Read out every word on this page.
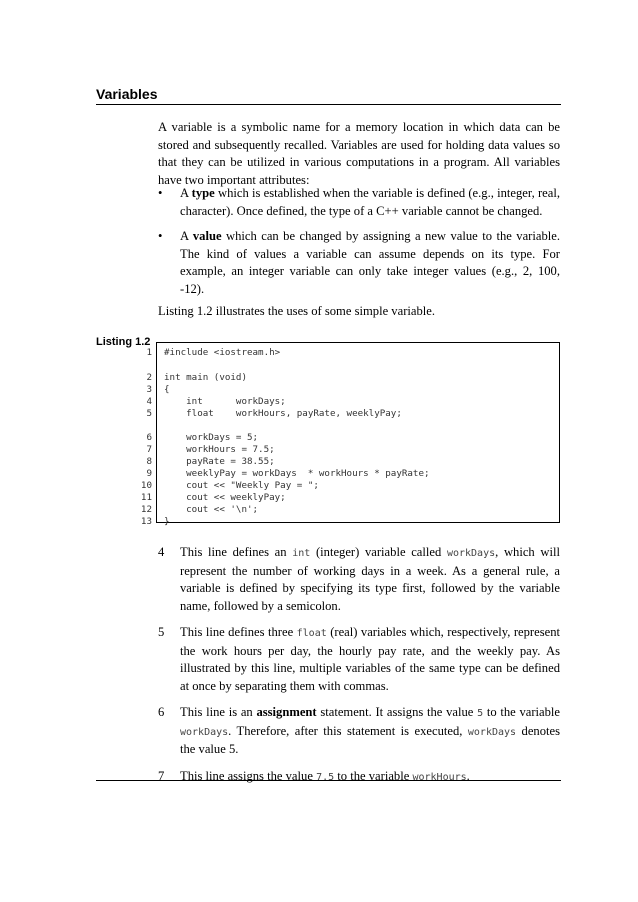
Variables

A variable is a symbolic name for a memory location in which data can be stored and subsequently recalled. Variables are used for holding data values so that they can be utilized in various computations in a program. All variables have two important attributes:

• A type which is established when the variable is defined (e.g., integer, real, character). Once defined, the type of a C++ variable cannot be changed.
• A value which can be changed by assigning a new value to the variable. The kind of values a variable can assume depends on its type. For example, an integer variable can only take integer values (e.g., 2, 100, -12).

Listing 1.2 illustrates the uses of some simple variable.

Listing 1.2
1 #include <iostream.h>
2 int main (void)
3 {
4 int      workDays;
5 float    workHours, payRate, weeklyPay;
6 workDays = 5;
7 workHours = 7.5;
8 payRate = 38.55;
9 weeklyPay = workDays  * workHours * payRate;
10 cout << "Weekly Pay = ";
11 cout << weeklyPay;
12 cout << '\n';
13 }
4 This line defines an int (integer) variable called workDays, which will represent the number of working days in a week. As a general rule, a variable is defined by specifying its type first, followed by the variable name, followed by a semicolon.
5 This line defines three float (real) variables which, respectively, represent the work hours per day, the hourly pay rate, and the weekly pay. As illustrated by this line, multiple variables of the same type can be defined at once by separating them with commas.
6 This line is an assignment statement. It assigns the value 5 to the variable workDays. Therefore, after this statement is executed, workDays denotes the value 5.
7 This line assigns the value 7.5 to the variable workHours.
